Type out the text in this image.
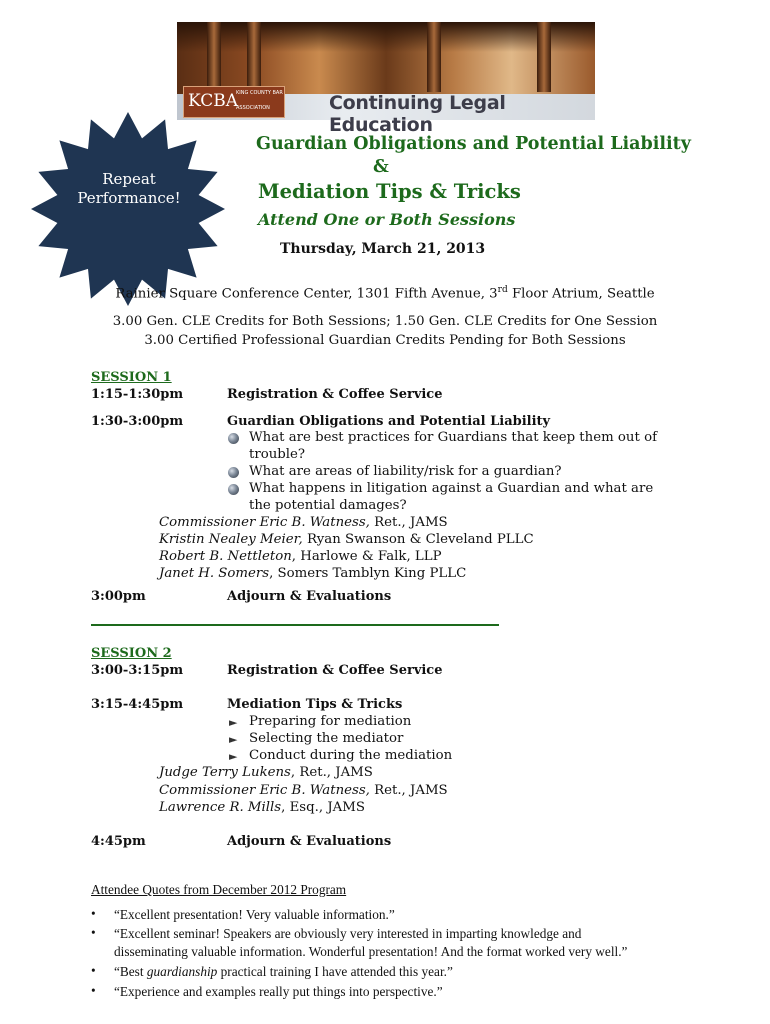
KCBA
KING COUNTY BAR
ASSOCIATION	Continuing Legal Education
Repeat
Performance!
Guardian Obligations and Potential Liability
&
Mediation Tips & Tricks
Attend One or Both Sessions
Thursday, March 21, 2013
Rainier Square Conference Center, 1301 Fifth Avenue, 3rd Floor Atrium, Seattle
3.00 Gen. CLE Credits for Both Sessions; 1.50 Gen. CLE Credits for One Session
3.00 Certified Professional Guardian Credits Pending for Both Sessions
SESSION 1
1:15-1:30pm	Registration & Coffee Service
1:30-3:00pm	Guardian Obligations and Potential Liability
What are best practices for Guardians that keep them out of
trouble?
What are areas of liability/risk for a guardian?
What happens in litigation against a Guardian and what are
the potential damages?
Commissioner Eric B. Watness, Ret., JAMS
Kristin Nealey Meier, Ryan Swanson & Cleveland PLLC
Robert B. Nettleton, Harlowe & Falk, LLP
Janet H. Somers, Somers Tamblyn King PLLC
3:00pm	Adjourn & Evaluations
SESSION 2
3:00-3:15pm	Registration & Coffee Service
3:15-4:45pm	Mediation Tips & Tricks
► Preparing for mediation
► Selecting the mediator
► Conduct during the mediation
Judge Terry Lukens, Ret., JAMS
Commissioner Eric B. Watness, Ret., JAMS
Lawrence R. Mills, Esq., JAMS
4:45pm	Adjourn & Evaluations
Attendee Quotes from December 2012 Program
• “Excellent presentation! Very valuable information.”
• “Excellent seminar! Speakers are obviously very interested in imparting knowledge and
disseminating valuable information. Wonderful presentation! And the format worked very well.”
• “Best guardianship practical training I have attended this year.”
• “Experience and examples really put things into perspective.”
